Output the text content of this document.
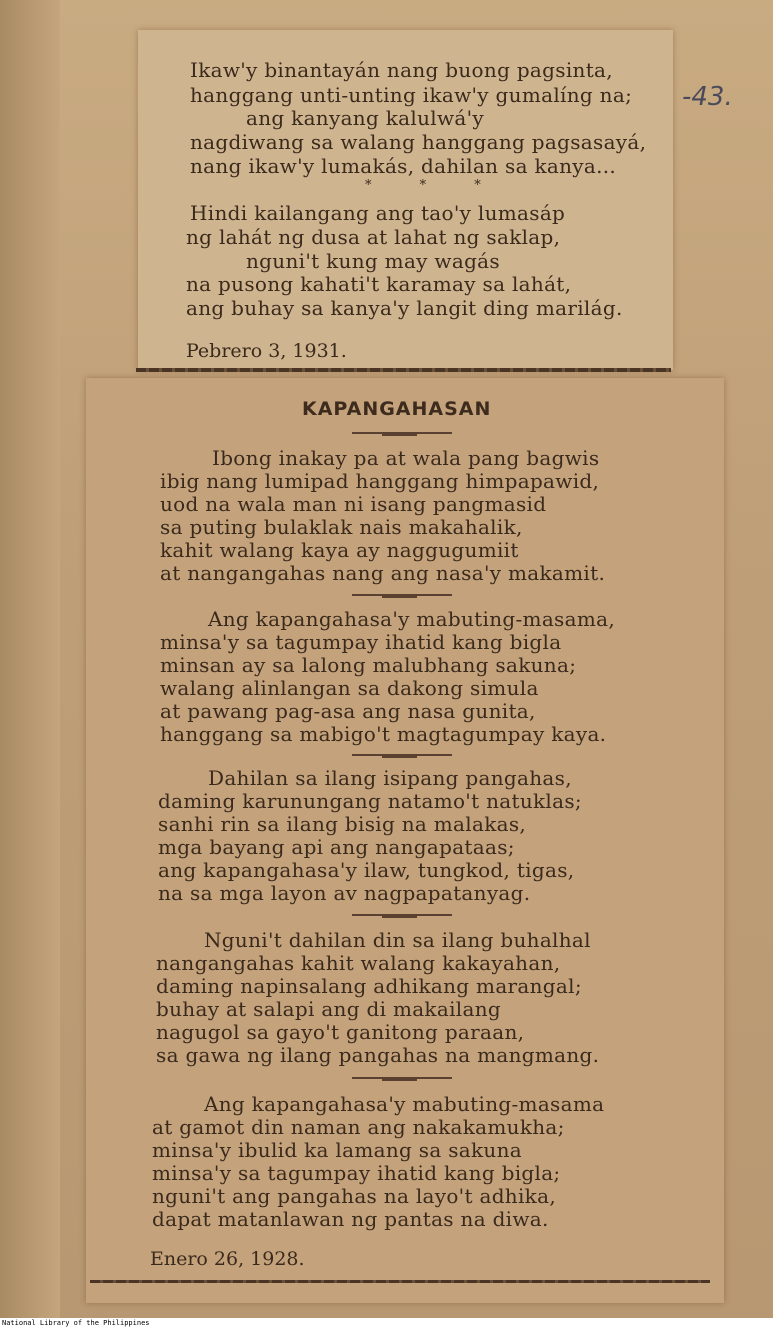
-43.
Ikaw'y binantayán nang buong pagsinta,
hanggang unti-unting ikaw'y gumalíng na;
ang kanyang kalulwá'y
nagdiwang sa walang hanggang pagsasayá,
nang ikaw'y lumakás, dahilan sa kanya...
* * *
Hindi kailangang ang tao'y lumasáp
ng lahát ng dusa at lahat ng saklap,
nguni't kung may wagás
na pusong kahati't karamay sa lahát,
ang buhay sa kanya'y langit ding marilág.
Pebrero 3, 1931.
KAPANGAHASAN
Ibong inakay pa at wala pang bagwis
ibig nang lumipad hanggang himpapawid,
uod na wala man ni isang pangmasid
sa puting bulaklak nais makahalik,
kahit walang kaya ay naggugumiit
at nangangahas nang ang nasa'y makamit.
Ang kapangahasa'y mabuting-masama,
minsa'y sa tagumpay ihatid kang bigla
minsan ay sa lalong malubhang sakuna;
walang alinlangan sa dakong simula
at pawang pag-asa ang nasa gunita,
hanggang sa mabigo't magtagumpay kaya.
Dahilan sa ilang isipang pangahas,
daming karunungang natamo't natuklas;
sanhi rin sa ilang bisig na malakas,
mga bayang api ang nangapataas;
ang kapangahasa'y ilaw, tungkod, tigas,
na sa mga layon av nagpapatanyag.
Nguni't dahilan din sa ilang buhalhal
nangangahas kahit walang kakayahan,
daming napinsalang adhikang marangal;
buhay at salapi ang di makailang
nagugol sa gayo't ganitong paraan,
sa gawa ng ilang pangahas na mangmang.
Ang kapangahasa'y mabuting-masama
at gamot din naman ang nakakamukha;
minsa'y ibulid ka lamang sa sakuna
minsa'y sa tagumpay ihatid kang bigla;
nguni't ang pangahas na layo't adhika,
dapat matanlawan ng pantas na diwa.
Enero 26, 1928.
National Library of the Philippines
